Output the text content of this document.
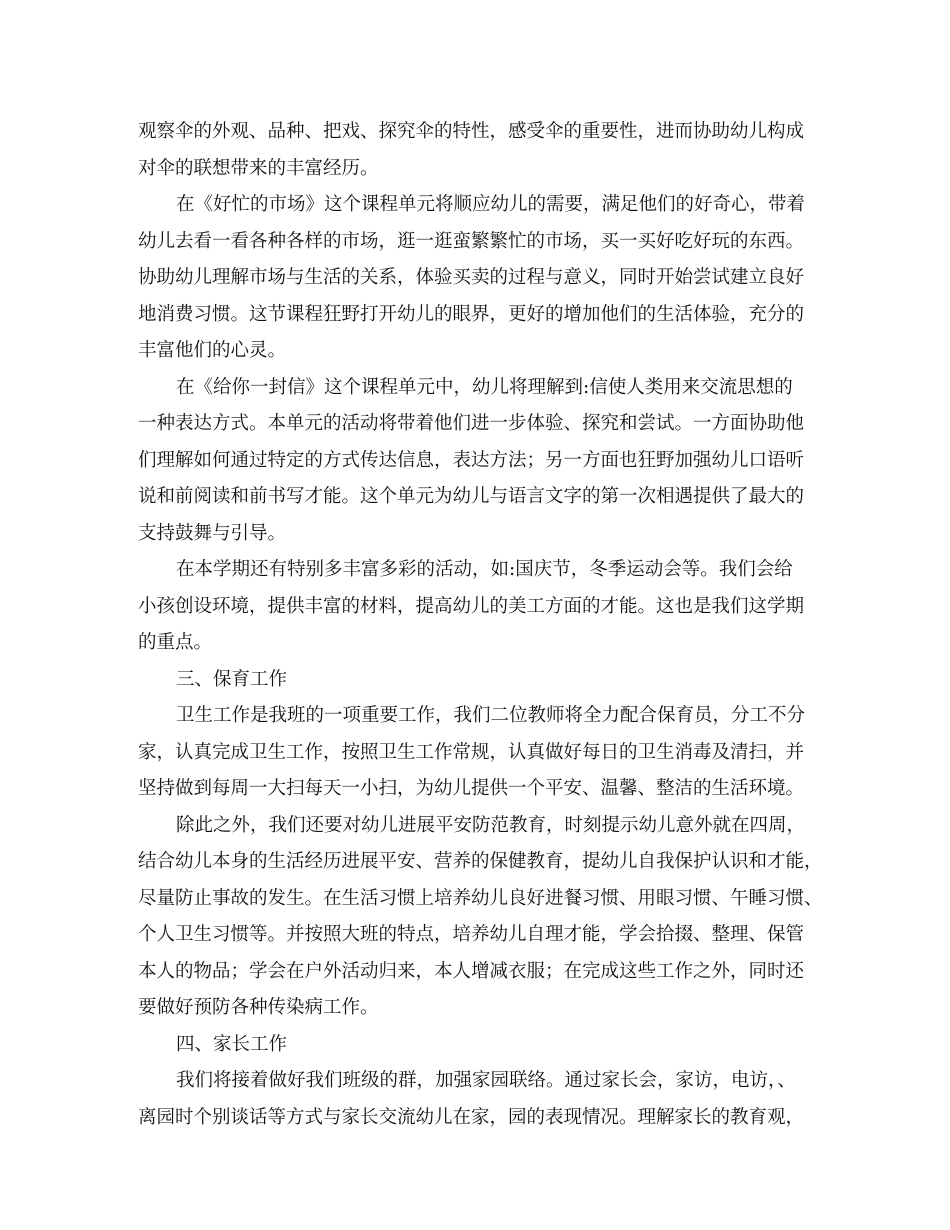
观察伞的外观、品种、把戏、探究伞的特性，感受伞的重要性，进而协助幼儿构成
对伞的联想带来的丰富经历。
在《好忙的市场》这个课程单元将顺应幼儿的需要，满足他们的好奇心，带着
幼儿去看一看各种各样的市场，逛一逛蛮繁繁忙的市场，买一买好吃好玩的东西。
协助幼儿理解市场与生活的关系，体验买卖的过程与意义，同时开始尝试建立良好
地消费习惯。这节课程狂野打开幼儿的眼界，更好的增加他们的生活体验，充分的
丰富他们的心灵。
在《给你一封信》这个课程单元中，幼儿将理解到:信使人类用来交流思想的
一种表达方式。本单元的活动将带着他们进一步体验、探究和尝试。一方面协助他
们理解如何通过特定的方式传达信息，表达方法；另一方面也狂野加强幼儿口语听
说和前阅读和前书写才能。这个单元为幼儿与语言文字的第一次相遇提供了最大的
支持鼓舞与引导。
在本学期还有特别多丰富多彩的活动，如:国庆节，冬季运动会等。我们会给
小孩创设环境，提供丰富的材料，提高幼儿的美工方面的才能。这也是我们这学期
的重点。
三、保育工作
卫生工作是我班的一项重要工作，我们二位教师将全力配合保育员，分工不分
家，认真完成卫生工作，按照卫生工作常规，认真做好每日的卫生消毒及清扫，并
坚持做到每周一大扫每天一小扫，为幼儿提供一个平安、温馨、整洁的生活环境。
除此之外，我们还要对幼儿进展平安防范教育，时刻提示幼儿意外就在四周，
结合幼儿本身的生活经历进展平安、营养的保健教育，提幼儿自我保护认识和才能，
尽量防止事故的发生。在生活习惯上培养幼儿良好进餐习惯、用眼习惯、午睡习惯、
个人卫生习惯等。并按照大班的特点，培养幼儿自理才能，学会拾掇、整理、保管
本人的物品；学会在户外活动归来，本人增减衣服；在完成这些工作之外，同时还
要做好预防各种传染病工作。
四、家长工作
我们将接着做好我们班级的群，加强家园联络。通过家长会，家访，电访，、
离园时个别谈话等方式与家长交流幼儿在家，园的表现情况。理解家长的教育观，
